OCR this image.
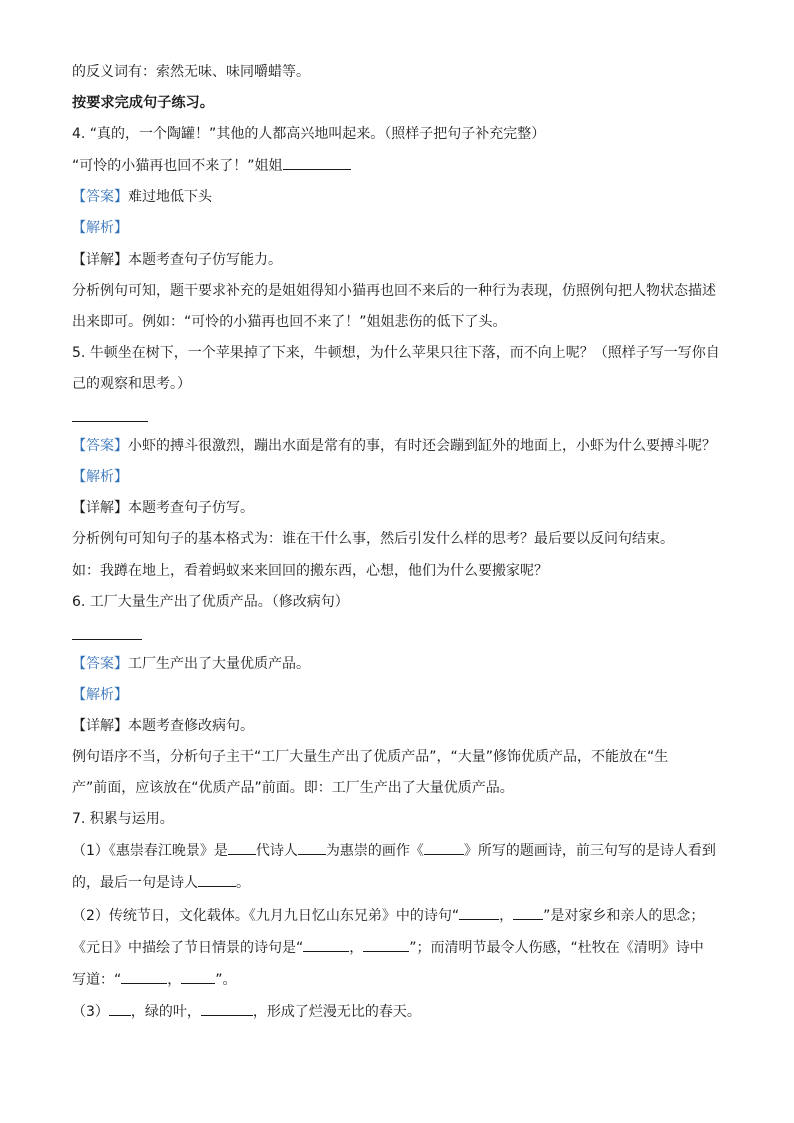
的反义词有：索然无味、味同嚼蜡等。
按要求完成句子练习。
4. “真的，一个陶罐！”其他的人都高兴地叫起来。（照样子把句子补充完整）
“可怜的小猫再也回不来了！”姐姐
【答案】难过地低下头
【解析】
【详解】本题考查句子仿写能力。
分析例句可知，题干要求补充的是姐姐得知小猫再也回不来后的一种行为表现，仿照例句把人物状态描述
出来即可。例如：“可怜的小猫再也回不来了！”姐姐悲伤的低下了头。
5. 牛顿坐在树下，一个苹果掉了下来，牛顿想，为什么苹果只往下落，而不向上呢？（照样子写一写你自
己的观察和思考。）
【答案】小虾的搏斗很激烈，蹦出水面是常有的事，有时还会蹦到缸外的地面上，小虾为什么要搏斗呢？
【解析】
【详解】本题考查句子仿写。
分析例句可知句子的基本格式为：谁在干什么事，然后引发什么样的思考？最后要以反问句结束。
如：我蹲在地上，看着蚂蚁来来回回的搬东西，心想，他们为什么要搬家呢？
6. 工厂大量生产出了优质产品。（修改病句）
【答案】工厂生产出了大量优质产品。
【解析】
【详解】本题考查修改病句。
例句语序不当，分析句子主干“工厂大量生产出了优质产品”，“大量”修饰优质产品，不能放在“生
产”前面，应该放在“优质产品”前面。即：工厂生产出了大量优质产品。
7. 积累与运用。
（1）《惠崇春江晚景》是 代诗人 为惠崇的画作《	》所写的题画诗，前三句写的是诗人看到
的，最后一句是诗人	。
（2）传统节日，文化载体。《九月九日忆山东兄弟》中的诗句“	， ”是对家乡和亲人的思念；
《元日》中描绘了节日情景的诗句是“	，	”；而清明节最令人伤感，“杜牧在《清明》诗中
写道：“	， ”。
（3） ，绿的叶，	，形成了烂漫无比的春天。
